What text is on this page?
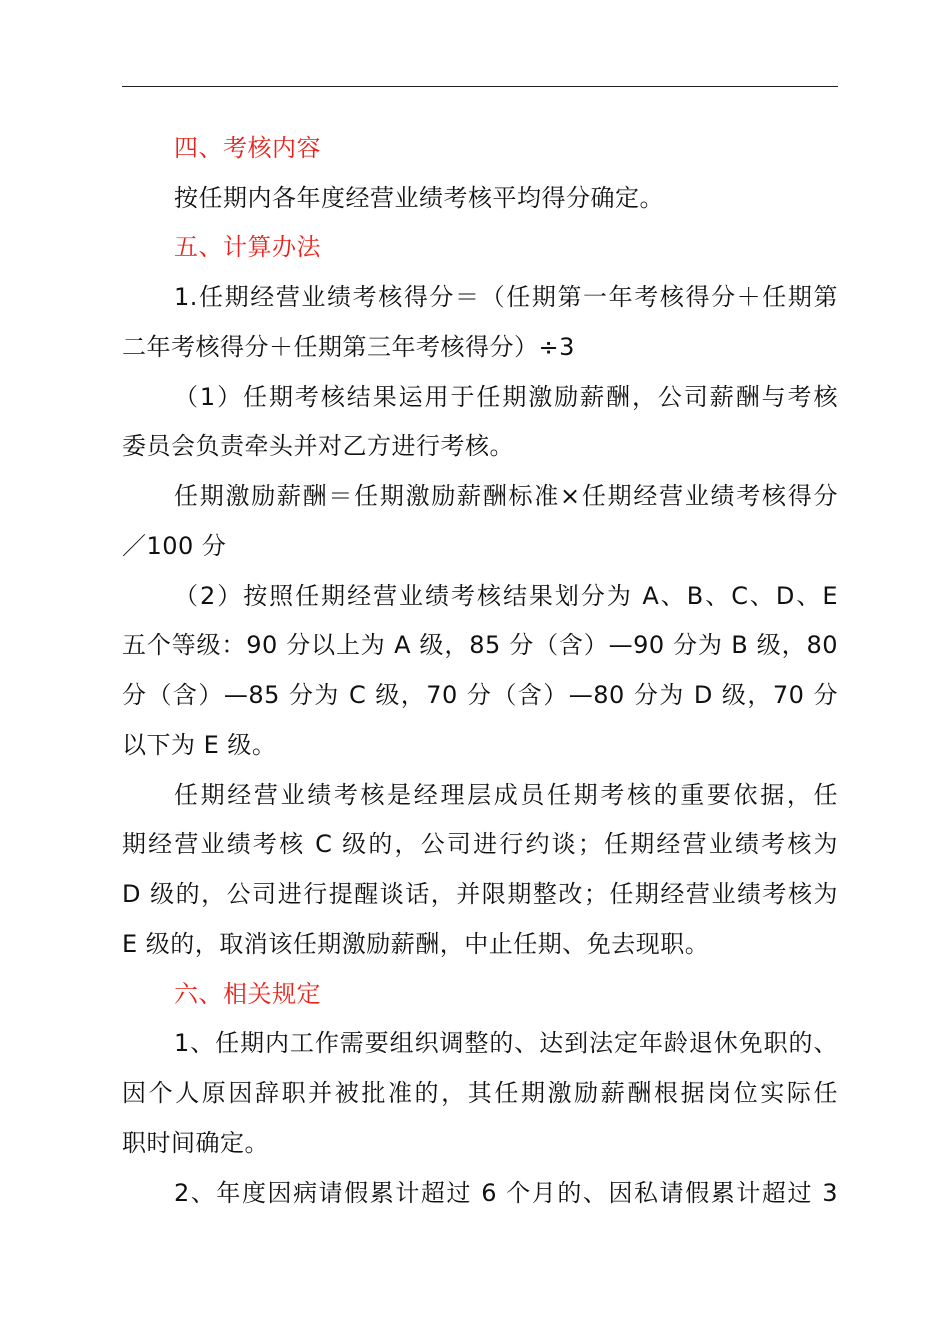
四、考核内容
按任期内各年度经营业绩考核平均得分确定。
五、计算办法
1.任期经营业绩考核得分＝（任期第一年考核得分＋任期第
二年考核得分＋任期第三年考核得分）÷3
（1）任期考核结果运用于任期激励薪酬，公司薪酬与考核
委员会负责牵头并对乙方进行考核。
任期激励薪酬＝任期激励薪酬标准×任期经营业绩考核得分
／100 分
（2）按照任期经营业绩考核结果划分为 A、B、C、D、E
五个等级：90 分以上为 A 级，85 分（含）—90 分为 B 级，80
分（含）—85 分为 C 级，70 分（含）—80 分为 D 级，70 分
以下为 E 级。
任期经营业绩考核是经理层成员任期考核的重要依据，任
期经营业绩考核 C 级的，公司进行约谈；任期经营业绩考核为
D 级的，公司进行提醒谈话，并限期整改；任期经营业绩考核为
E 级的，取消该任期激励薪酬，中止任期、免去现职。
六、相关规定
1、任期内工作需要组织调整的、达到法定年龄退休免职的、
因个人原因辞职并被批准的，其任期激励薪酬根据岗位实际任
职时间确定。
2、年度因病请假累计超过 6 个月的、因私请假累计超过 3
